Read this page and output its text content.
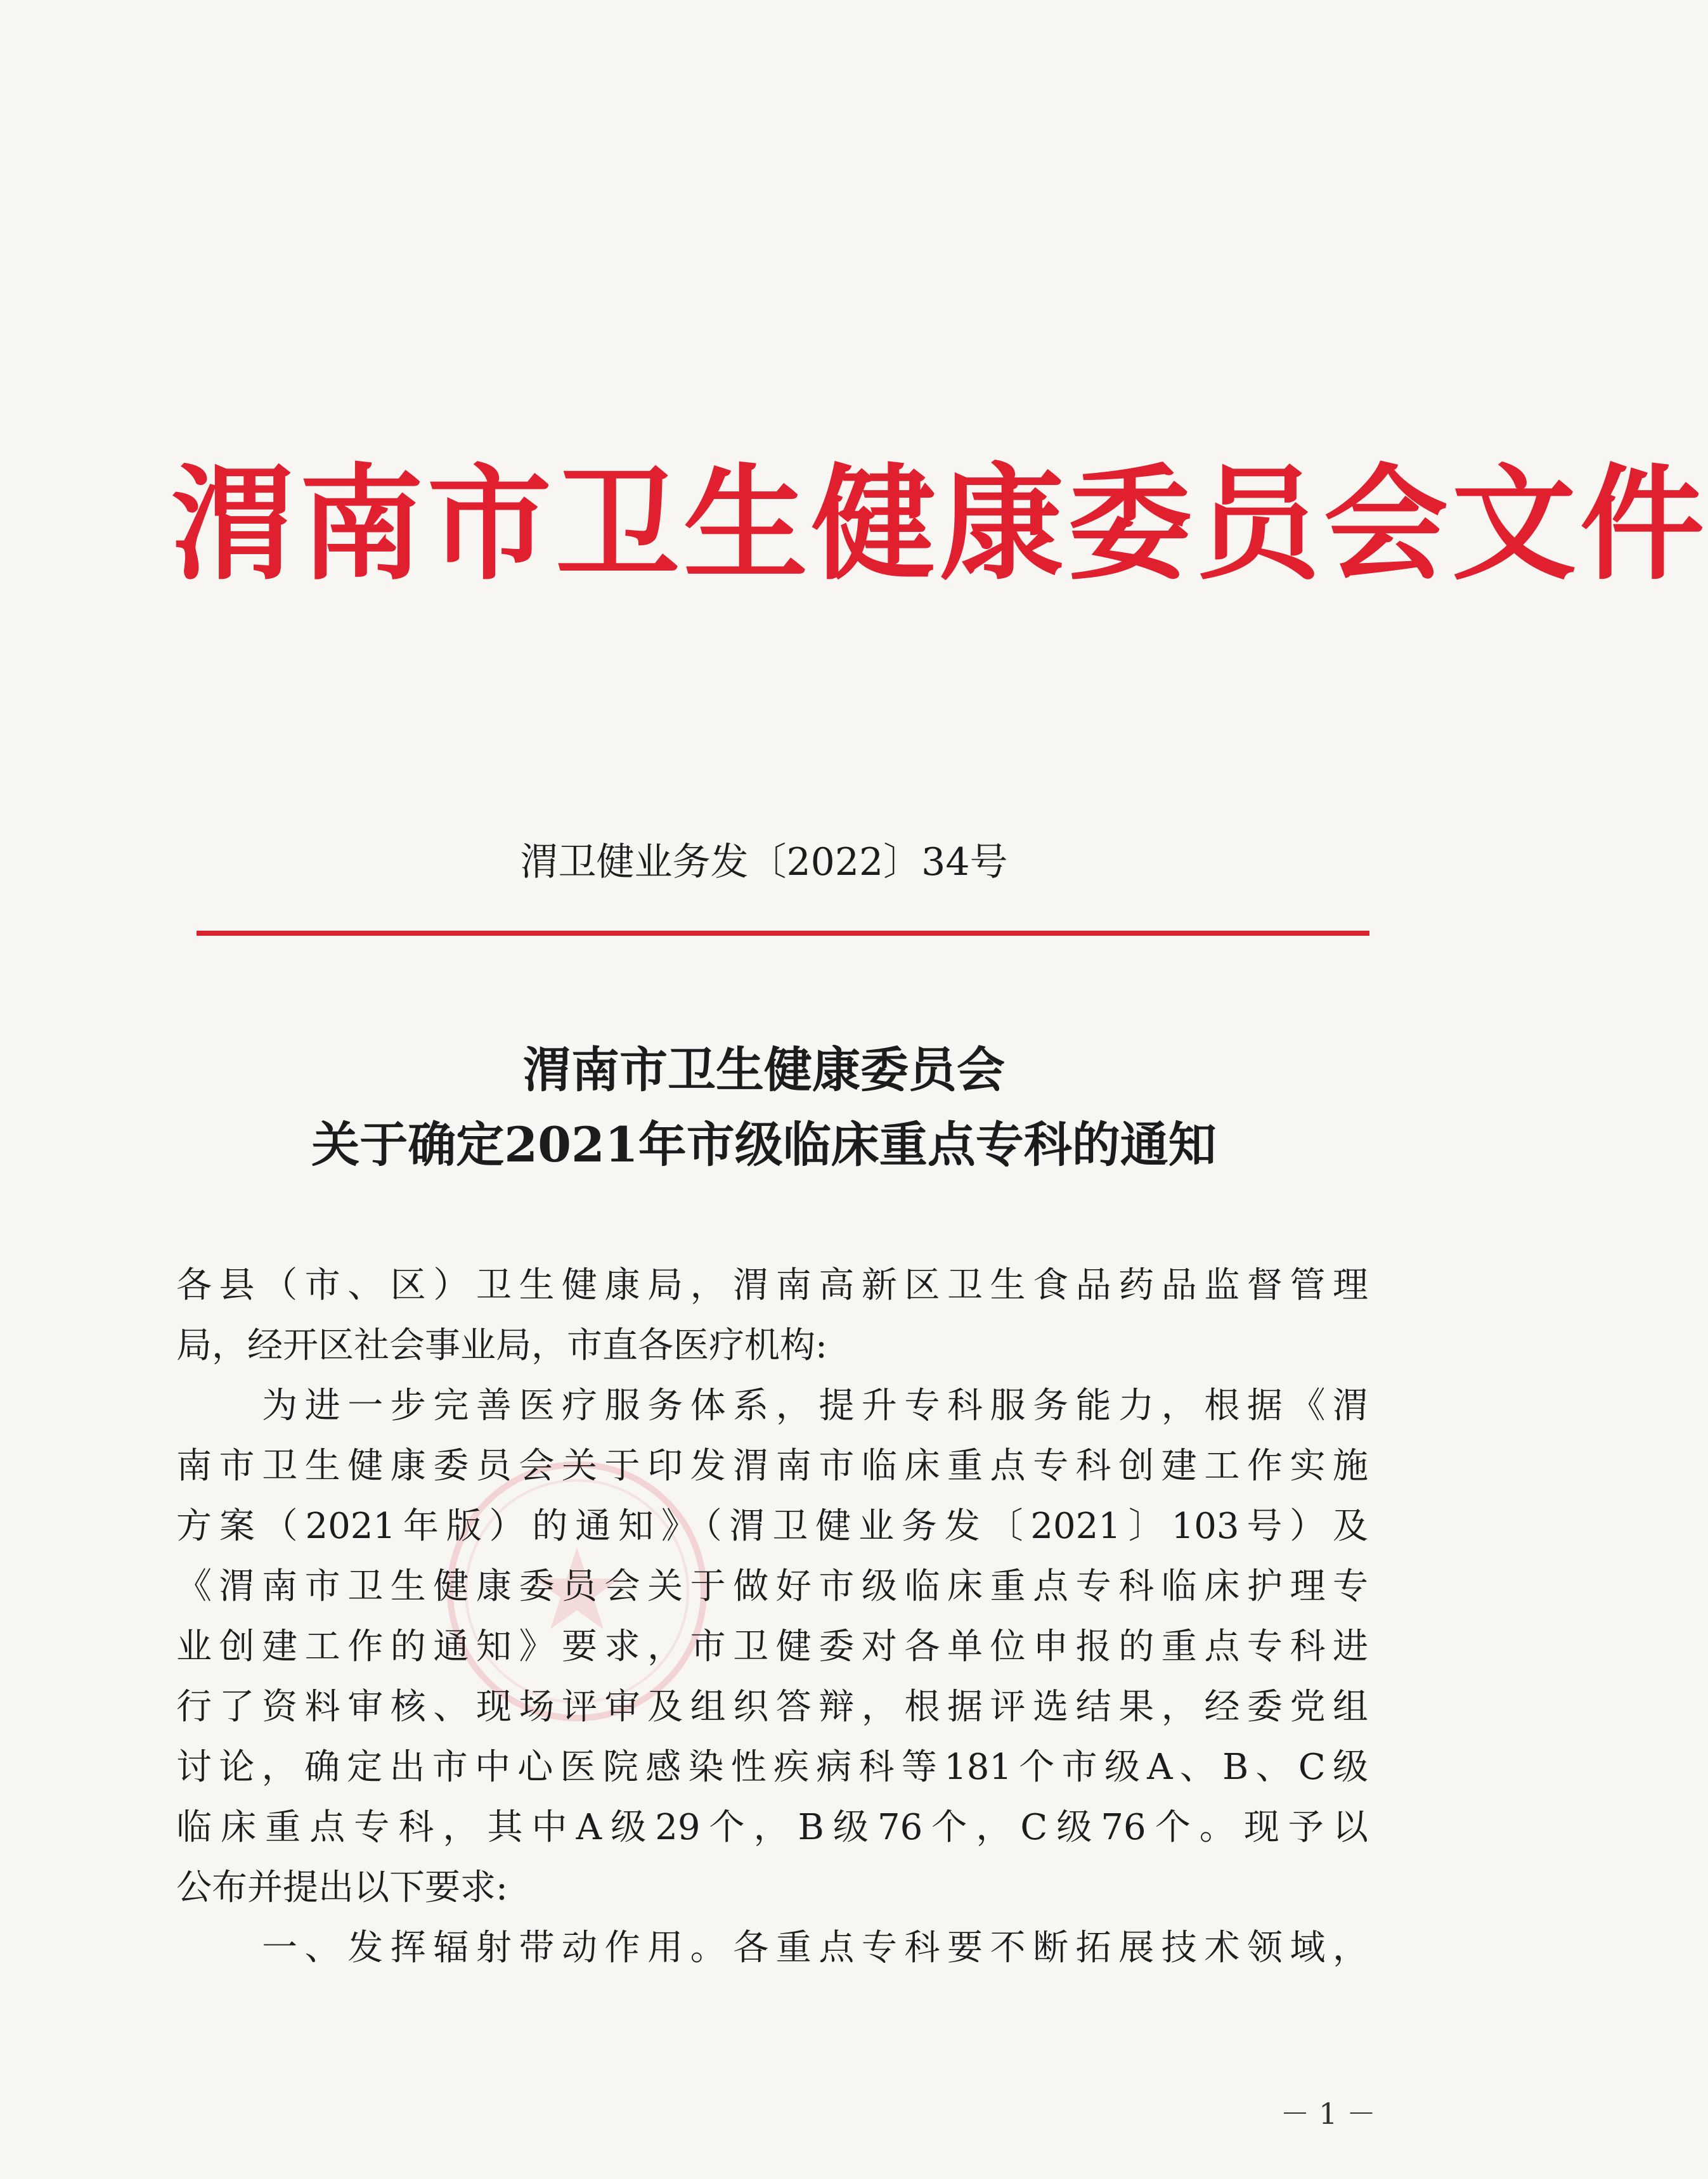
渭南市卫生健康委员会文件
渭卫健业务发〔2022〕34号
渭南市卫生健康委员会
关于确定2021年市级临床重点专科的通知
各县（市、区）卫生健康局，渭南高新区卫生食品药品监督管理
局，经开区社会事业局，市直各医疗机构:
　　为进一步完善医疗服务体系，提升专科服务能力，根据《渭
南市卫生健康委员会关于印发渭南市临床重点专科创建工作实施
方案（2021年版）的通知》（渭卫健业务发〔2021〕103号）及
《渭南市卫生健康委员会关于做好市级临床重点专科临床护理专
业创建工作的通知》要求，市卫健委对各单位申报的重点专科进
行了资料审核、现场评审及组织答辩，根据评选结果，经委党组
讨论，确定出市中心医院感染性疾病科等181个市级A、B、C级
临床重点专科，其中A级29个，B级76个，C级76个。现予以
公布并提出以下要求:
　　一、发挥辐射带动作用。各重点专科要不断拓展技术领域，
－ 1 －
